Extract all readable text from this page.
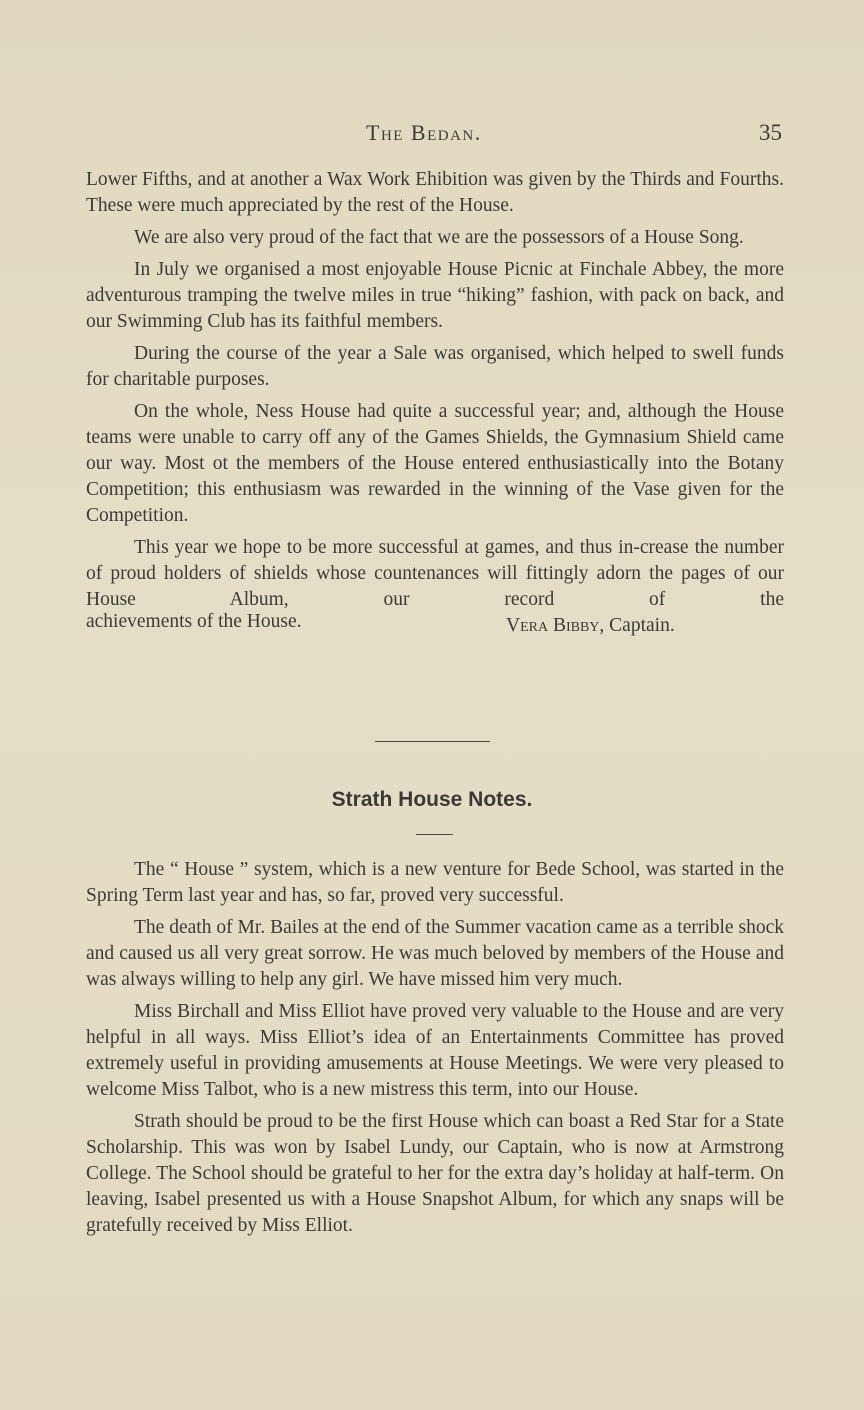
The Bedan.	35

Lower Fifths, and at another a Wax Work Ehibition was given by the Thirds and Fourths. These were much appreciated by the rest of the House.

We are also very proud of the fact that we are the possessors of a House Song.

In July we organised a most enjoyable House Picnic at Finchale Abbey, the more adventurous tramping the twelve miles in true “hiking” fashion, with pack on back, and our Swimming Club has its faithful members.

During the course of the year a Sale was organised, which helped to swell funds for charitable purposes.

On the whole, Ness House had quite a successful year; and, although the House teams were unable to carry off any of the Games Shields, the Gymnasium Shield came our way. Most ot the members of the House entered enthusiastically into the Botany Competition; this enthusiasm was rewarded in the winning of the Vase given for the Competition.

This year we hope to be more successful at games, and thus in-crease the number of proud holders of shields whose countenances will fittingly adorn the pages of our House Album, our record of the

achievements of the House.	Vera Bibby, Captain.
Strath House Notes.

The “ House ” system, which is a new venture for Bede School, was started in the Spring Term last year and has, so far, proved very successful.

The death of Mr. Bailes at the end of the Summer vacation came as a terrible shock and caused us all very great sorrow. He was much beloved by members of the House and was always willing to help any girl. We have missed him very much.

Miss Birchall and Miss Elliot have proved very valuable to the House and are very helpful in all ways. Miss Elliot’s idea of an Entertainments Committee has proved extremely useful in providing amusements at House Meetings. We were very pleased to welcome Miss Talbot, who is a new mistress this term, into our House.

Strath should be proud to be the first House which can boast a Red Star for a State Scholarship. This was won by Isabel Lundy, our Captain, who is now at Armstrong College. The School should be grateful to her for the extra day’s holiday at half-term. On leaving, Isabel presented us with a House Snapshot Album, for which any snaps will be gratefully received by Miss Elliot.
